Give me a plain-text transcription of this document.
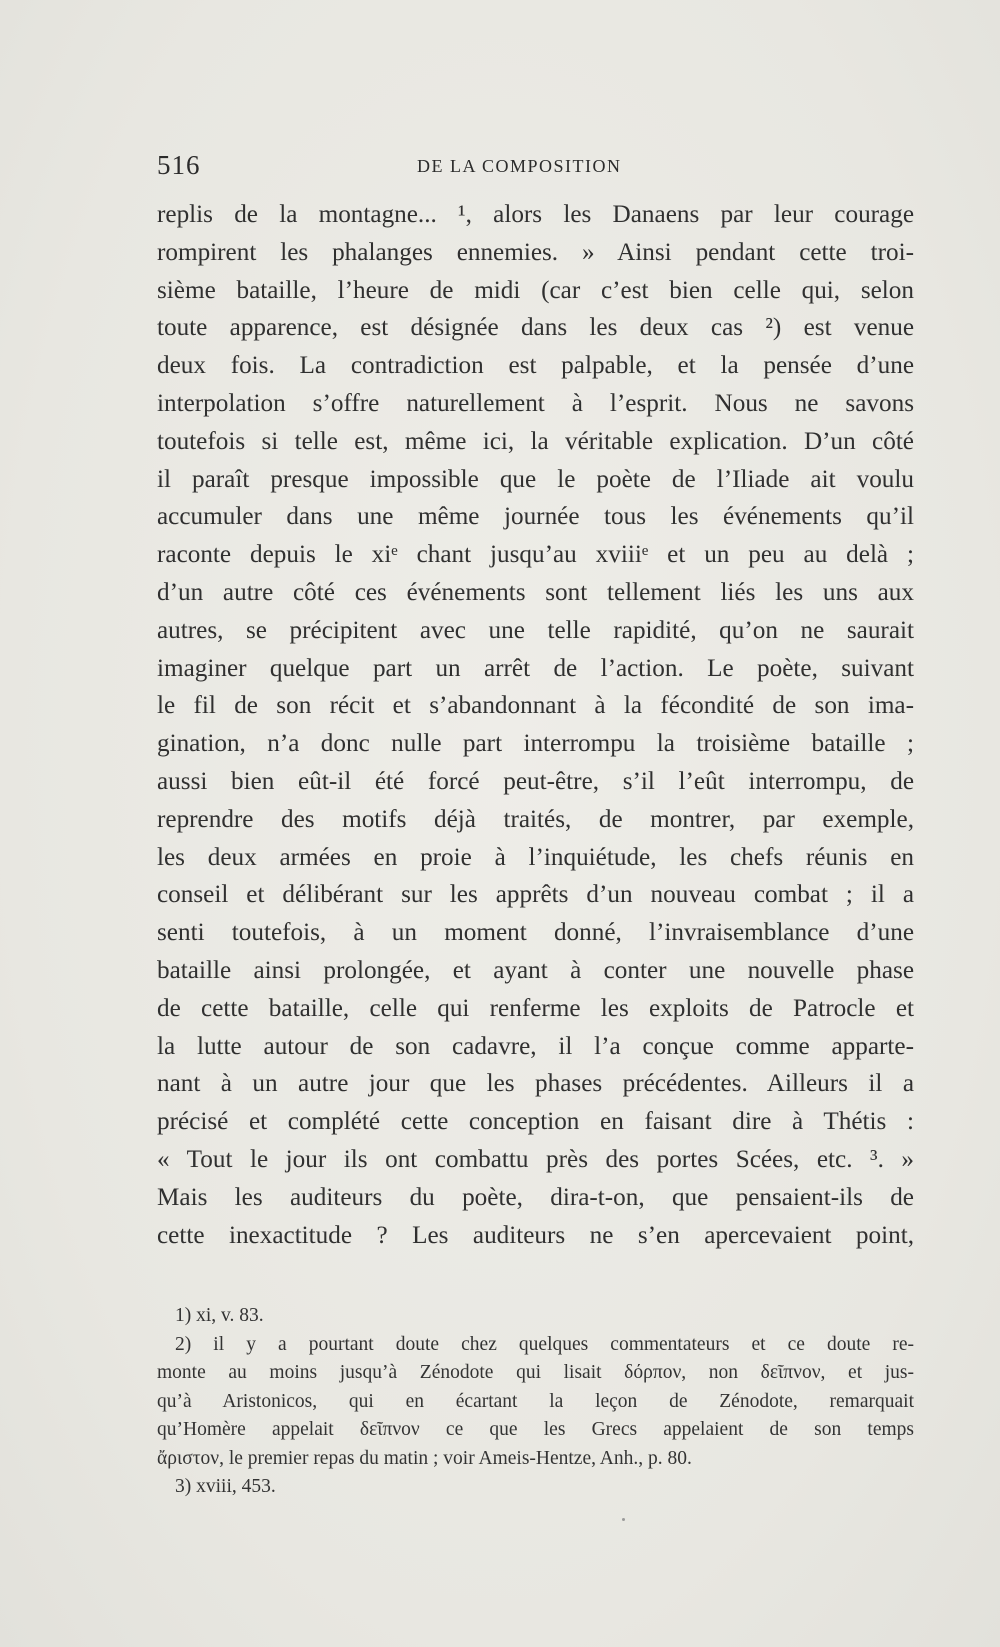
516	DE LA COMPOSITION
replis de la montagne... ¹, alors les Danaens par leur courage
rompirent les phalanges ennemies. » Ainsi pendant cette troi-
sième bataille, l’heure de midi (car c’est bien celle qui, selon
toute apparence, est désignée dans les deux cas ²) est venue
deux fois. La contradiction est palpable, et la pensée d’une
interpolation s’offre naturellement à l’esprit. Nous ne savons
toutefois si telle est, même ici, la véritable explication. D’un côté
il paraît presque impossible que le poète de l’Iliade ait voulu
accumuler dans une même journée tous les événements qu’il
raconte depuis le xiᵉ chant jusqu’au xviiiᵉ et un peu au delà ;
d’un autre côté ces événements sont tellement liés les uns aux
autres, se précipitent avec une telle rapidité, qu’on ne saurait
imaginer quelque part un arrêt de l’action. Le poète, suivant
le fil de son récit et s’abandonnant à la fécondité de son ima-
gination, n’a donc nulle part interrompu la troisième bataille ;
aussi bien eût-il été forcé peut-être, s’il l’eût interrompu, de
reprendre des motifs déjà traités, de montrer, par exemple,
les deux armées en proie à l’inquiétude, les chefs réunis en
conseil et délibérant sur les apprêts d’un nouveau combat ; il a
senti toutefois, à un moment donné, l’invraisemblance d’une
bataille ainsi prolongée, et ayant à conter une nouvelle phase
de cette bataille, celle qui renferme les exploits de Patrocle et
la lutte autour de son cadavre, il l’a conçue comme apparte-
nant à un autre jour que les phases précédentes. Ailleurs il a
précisé et complété cette conception en faisant dire à Thétis :
« Tout le jour ils ont combattu près des portes Scées, etc. ³. »
Mais les auditeurs du poète, dira-t-on, que pensaient-ils de
cette inexactitude ? Les auditeurs ne s’en apercevaient point,
1) xi, v. 83.
2) il y a pourtant doute chez quelques commentateurs et ce doute re-
monte au moins jusqu’à Zénodote qui lisait δόρπον, non δεῖπνον, et jus-
qu’à Aristonicos, qui en écartant la leçon de Zénodote, remarquait
qu’Homère appelait δεῖπνον ce que les Grecs appelaient de son temps
ἄριστον, le premier repas du matin ; voir Ameis-Hentze, Anh., p. 80.
3) xviii, 453.
